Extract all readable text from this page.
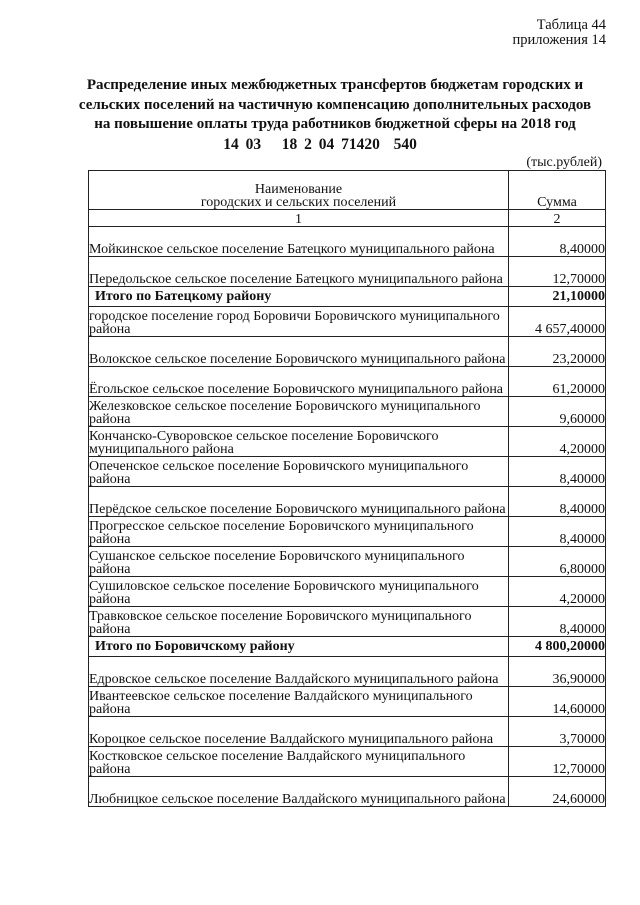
Таблица 44
приложения 14
Распределение иных межбюджетных трансфертов бюджетам городских и
сельских поселений на частичную компенсацию дополнительных расходов
на повышение оплаты труда работников бюджетной сферы на 2018 год
14 03   18 2 04 71420  540
(тыс.рублей)
Наименование
городских и сельских поселений	Сумма
1	2
Мойкинское сельское поселение Батецкого муниципального района	8,40000
Передольское сельское поселение Батецкого муниципального района	12,70000
Итого по Батецкому району	21,10000
городское поселение город Боровичи Боровичского муниципального района	4 657,40000
Волокское сельское поселение Боровичского муниципального района	23,20000
Ёгольское сельское поселение Боровичского муниципального района	61,20000
Железковское сельское поселение Боровичского муниципального района	9,60000
Кончанско-Суворовское сельское поселение Боровичского муниципального района	4,20000
Опеченское сельское поселение Боровичского муниципального района	8,40000
Перёдское сельское поселение Боровичского муниципального района	8,40000
Прогресское сельское поселение Боровичского муниципального района	8,40000
Сушанское сельское поселение Боровичского муниципального района	6,80000
Сушиловское сельское поселение Боровичского муниципального района	4,20000
Травковское сельское поселение Боровичского муниципального района	8,40000
Итого по Боровичскому району	4 800,20000
Едровское сельское поселение Валдайского муниципального района	36,90000
Ивантеевское сельское поселение Валдайского муниципального района	14,60000
Короцкое сельское поселение Валдайского муниципального района	3,70000
Костковское сельское поселение Валдайского муниципального района	12,70000
Любницкое сельское поселение Валдайского муниципального района	24,60000
